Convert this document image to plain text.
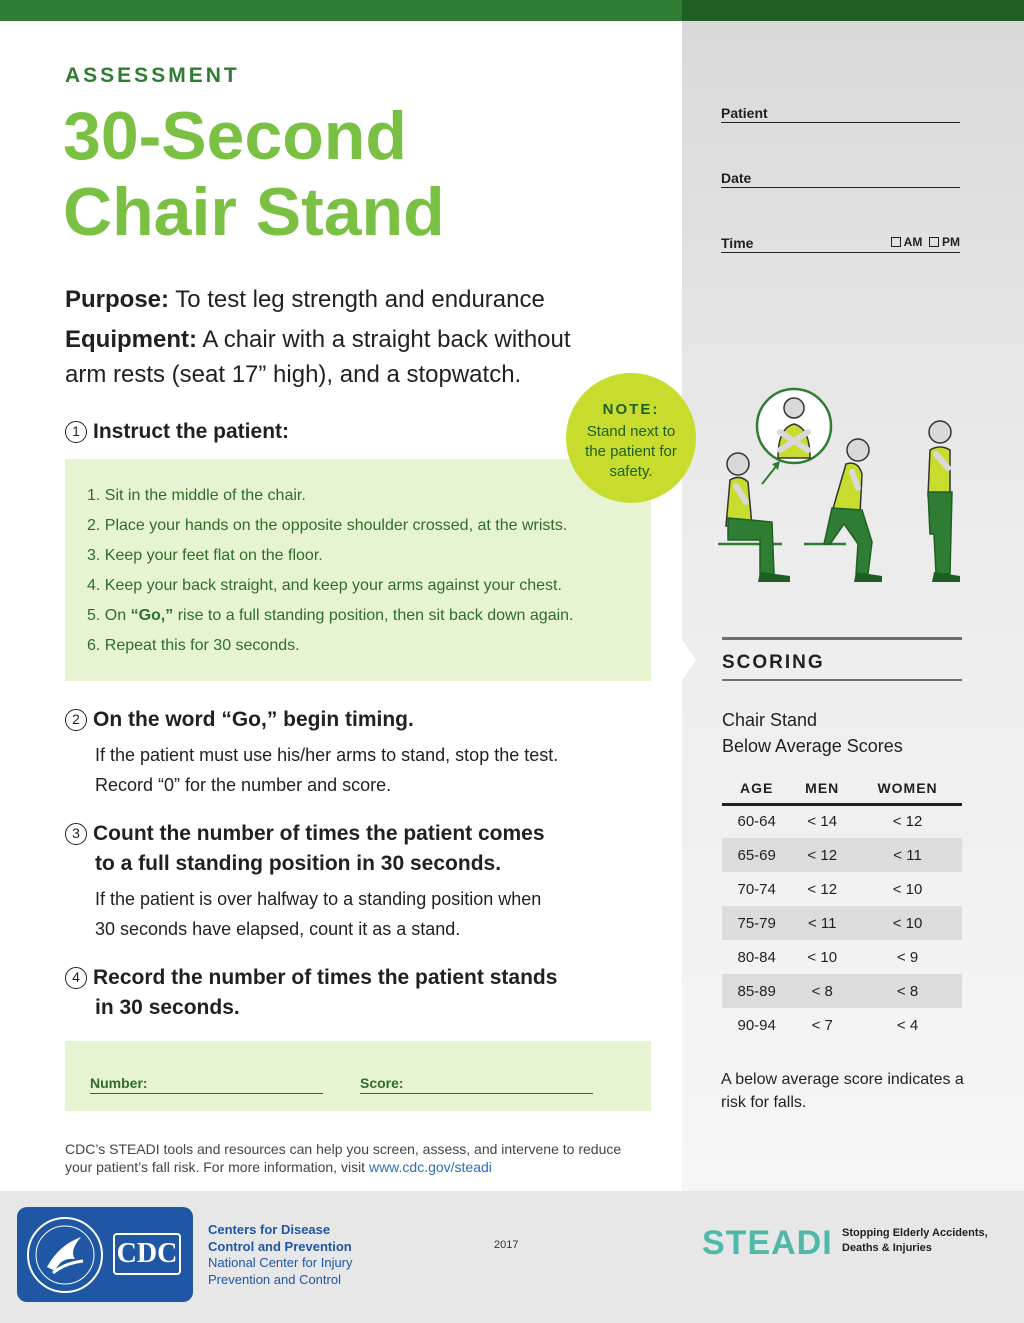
ASSESSMENT
30-Second
Chair Stand
Purpose: To test leg strength and endurance
Equipment: A chair with a straight back without
arm rests (seat 17” high), and a stopwatch.
1 Instruct the patient:
1. Sit in the middle of the chair.
2. Place your hands on the opposite shoulder crossed, at the wrists.
3. Keep your feet flat on the floor.
4. Keep your back straight, and keep your arms against your chest.
5. On “Go,” rise to a full standing position, then sit back down again.
6. Repeat this for 30 seconds.
NOTE:
Stand next to the patient for safety.
2 On the word “Go,” begin timing.
If the patient must use his/her arms to stand, stop the test.
Record “0” for the number and score.
3 Count the number of times the patient comes
to a full standing position in 30 seconds.
If the patient is over halfway to a standing position when
30 seconds have elapsed, count it as a stand.
4 Record the number of times the patient stands
in 30 seconds.
Number:	Score:
CDC’s STEADI tools and resources can help you screen, assess, and intervene to reduce
your patient’s fall risk. For more information, visit www.cdc.gov/steadi
Patient
Date
Time	AM PM
SCORING
Chair Stand
Below Average Scores
AGE	MEN	WOMEN
60-64	< 14	< 12
65-69	< 12	< 11
70-74	< 12	< 10
75-79	< 11	< 10
80-84	< 10	< 9
85-89	< 8	< 8
90-94	< 7	< 4
A below average score indicates a risk for falls.
CDC
Centers for Disease
Control and Prevention
National Center for Injury
Prevention and Control
2017	STEADI Stopping Elderly Accidents,
Deaths & Injuries
